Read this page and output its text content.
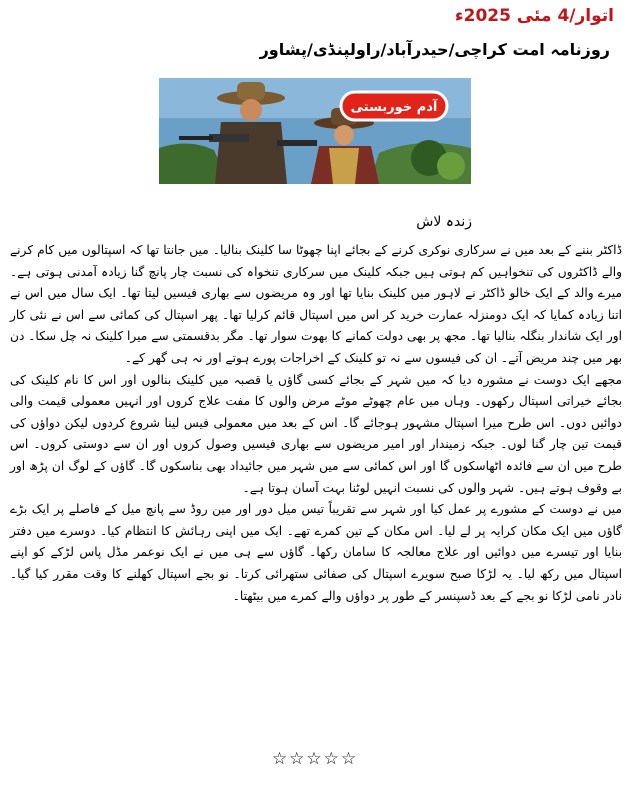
اتوار/4 مئی 2025ء
روزنامہ امت کراچی/حیدرآباد/راولپنڈی/پشاور
آدم خوربستی
زندہ لاش

ڈاکٹر بننے کے بعد میں نے سرکاری نوکری کرنے کے بجائے اپنا چھوٹا سا کلینک بنالیا۔ میں جانتا تھا کہ اسپتالوں میں کام کرنے والے ڈاکٹروں کی تنخواہیں کم ہوتی ہیں جبکہ کلینک میں سرکاری تنخواہ کی نسبت چار پانچ گنا زیادہ آمدنی ہوتی ہے۔ میرے والد کے ایک خالو ڈاکٹر نے لاہور میں کلینک بنایا تھا اور وہ مریضوں سے بھاری فیسیں لیتا تھا۔ ایک سال میں اس نے اتنا زیادہ کمایا کہ ایک دومنزلہ عمارت خرید کر اس میں اسپتال قائم کرلیا تھا۔ پھر اسپتال کی کمائی سے اس نے نئی کار اور ایک شاندار بنگلہ بنالیا تھا۔ مجھ پر بھی دولت کمانے کا بھوت سوار تھا۔ مگر بدقسمتی سے میرا کلینک نہ چل سکا۔ دن بھر میں چند مریض آتے۔ ان کی فیسوں سے نہ تو کلینک کے اخراجات پورے ہوتے اور نہ ہی گھر کے۔

مجھے ایک دوست نے مشورہ دیا کہ میں شہر کے بجائے کسی گاؤں یا قصبہ میں کلینک بنالوں اور اس کا نام کلینک کی بجائے خیراتی اسپتال رکھوں۔ وہاں میں عام چھوٹے موٹے مرض والوں کا مفت علاج کروں اور انہیں معمولی قیمت والی دوائیں دوں۔ اس طرح میرا اسپتال مشہور ہوجائے گا۔ اس کے بعد میں معمولی فیس لینا شروع کردوں لیکن دواؤں کی قیمت تین چار گنا لوں۔ جبکہ زمیندار اور امیر مریضوں سے بھاری فیسیں وصول کروں اور ان سے دوستی کروں۔ اس طرح میں ان سے فائدہ اٹھاسکوں گا اور اس کمائی سے میں شہر میں جائیداد بھی بناسکوں گا۔ گاؤں کے لوگ ان پڑھ اور بے وقوف ہوتے ہیں۔ شہر والوں کی نسبت انہیں لوٹنا بہت آسان ہوتا ہے۔

میں نے دوست کے مشورے پر عمل کیا اور شہر سے تقریباً تیس میل دور اور مین روڈ سے پانچ میل کے فاصلے پر ایک بڑے گاؤں میں ایک مکان کرایہ پر لے لیا۔ اس مکان کے تین کمرے تھے۔ ایک میں اپنی رہائش کا انتظام کیا۔ دوسرے میں دفتر بنایا اور تیسرے میں دوائیں اور علاج معالجہ کا سامان رکھا۔ گاؤں سے ہی میں نے ایک نوعمر مڈل پاس لڑکے کو اپنے اسپتال میں رکھ لیا۔ یہ لڑکا صبح سویرے اسپتال کی صفائی ستھرائی کرتا۔ نو بجے اسپتال کھلنے کا وقت مقرر کیا گیا۔ نادر نامی لڑکا نو بجے کے بعد ڈسپنسر کے طور پر دواؤں والے کمرے میں بیٹھتا۔

☆☆☆☆☆
